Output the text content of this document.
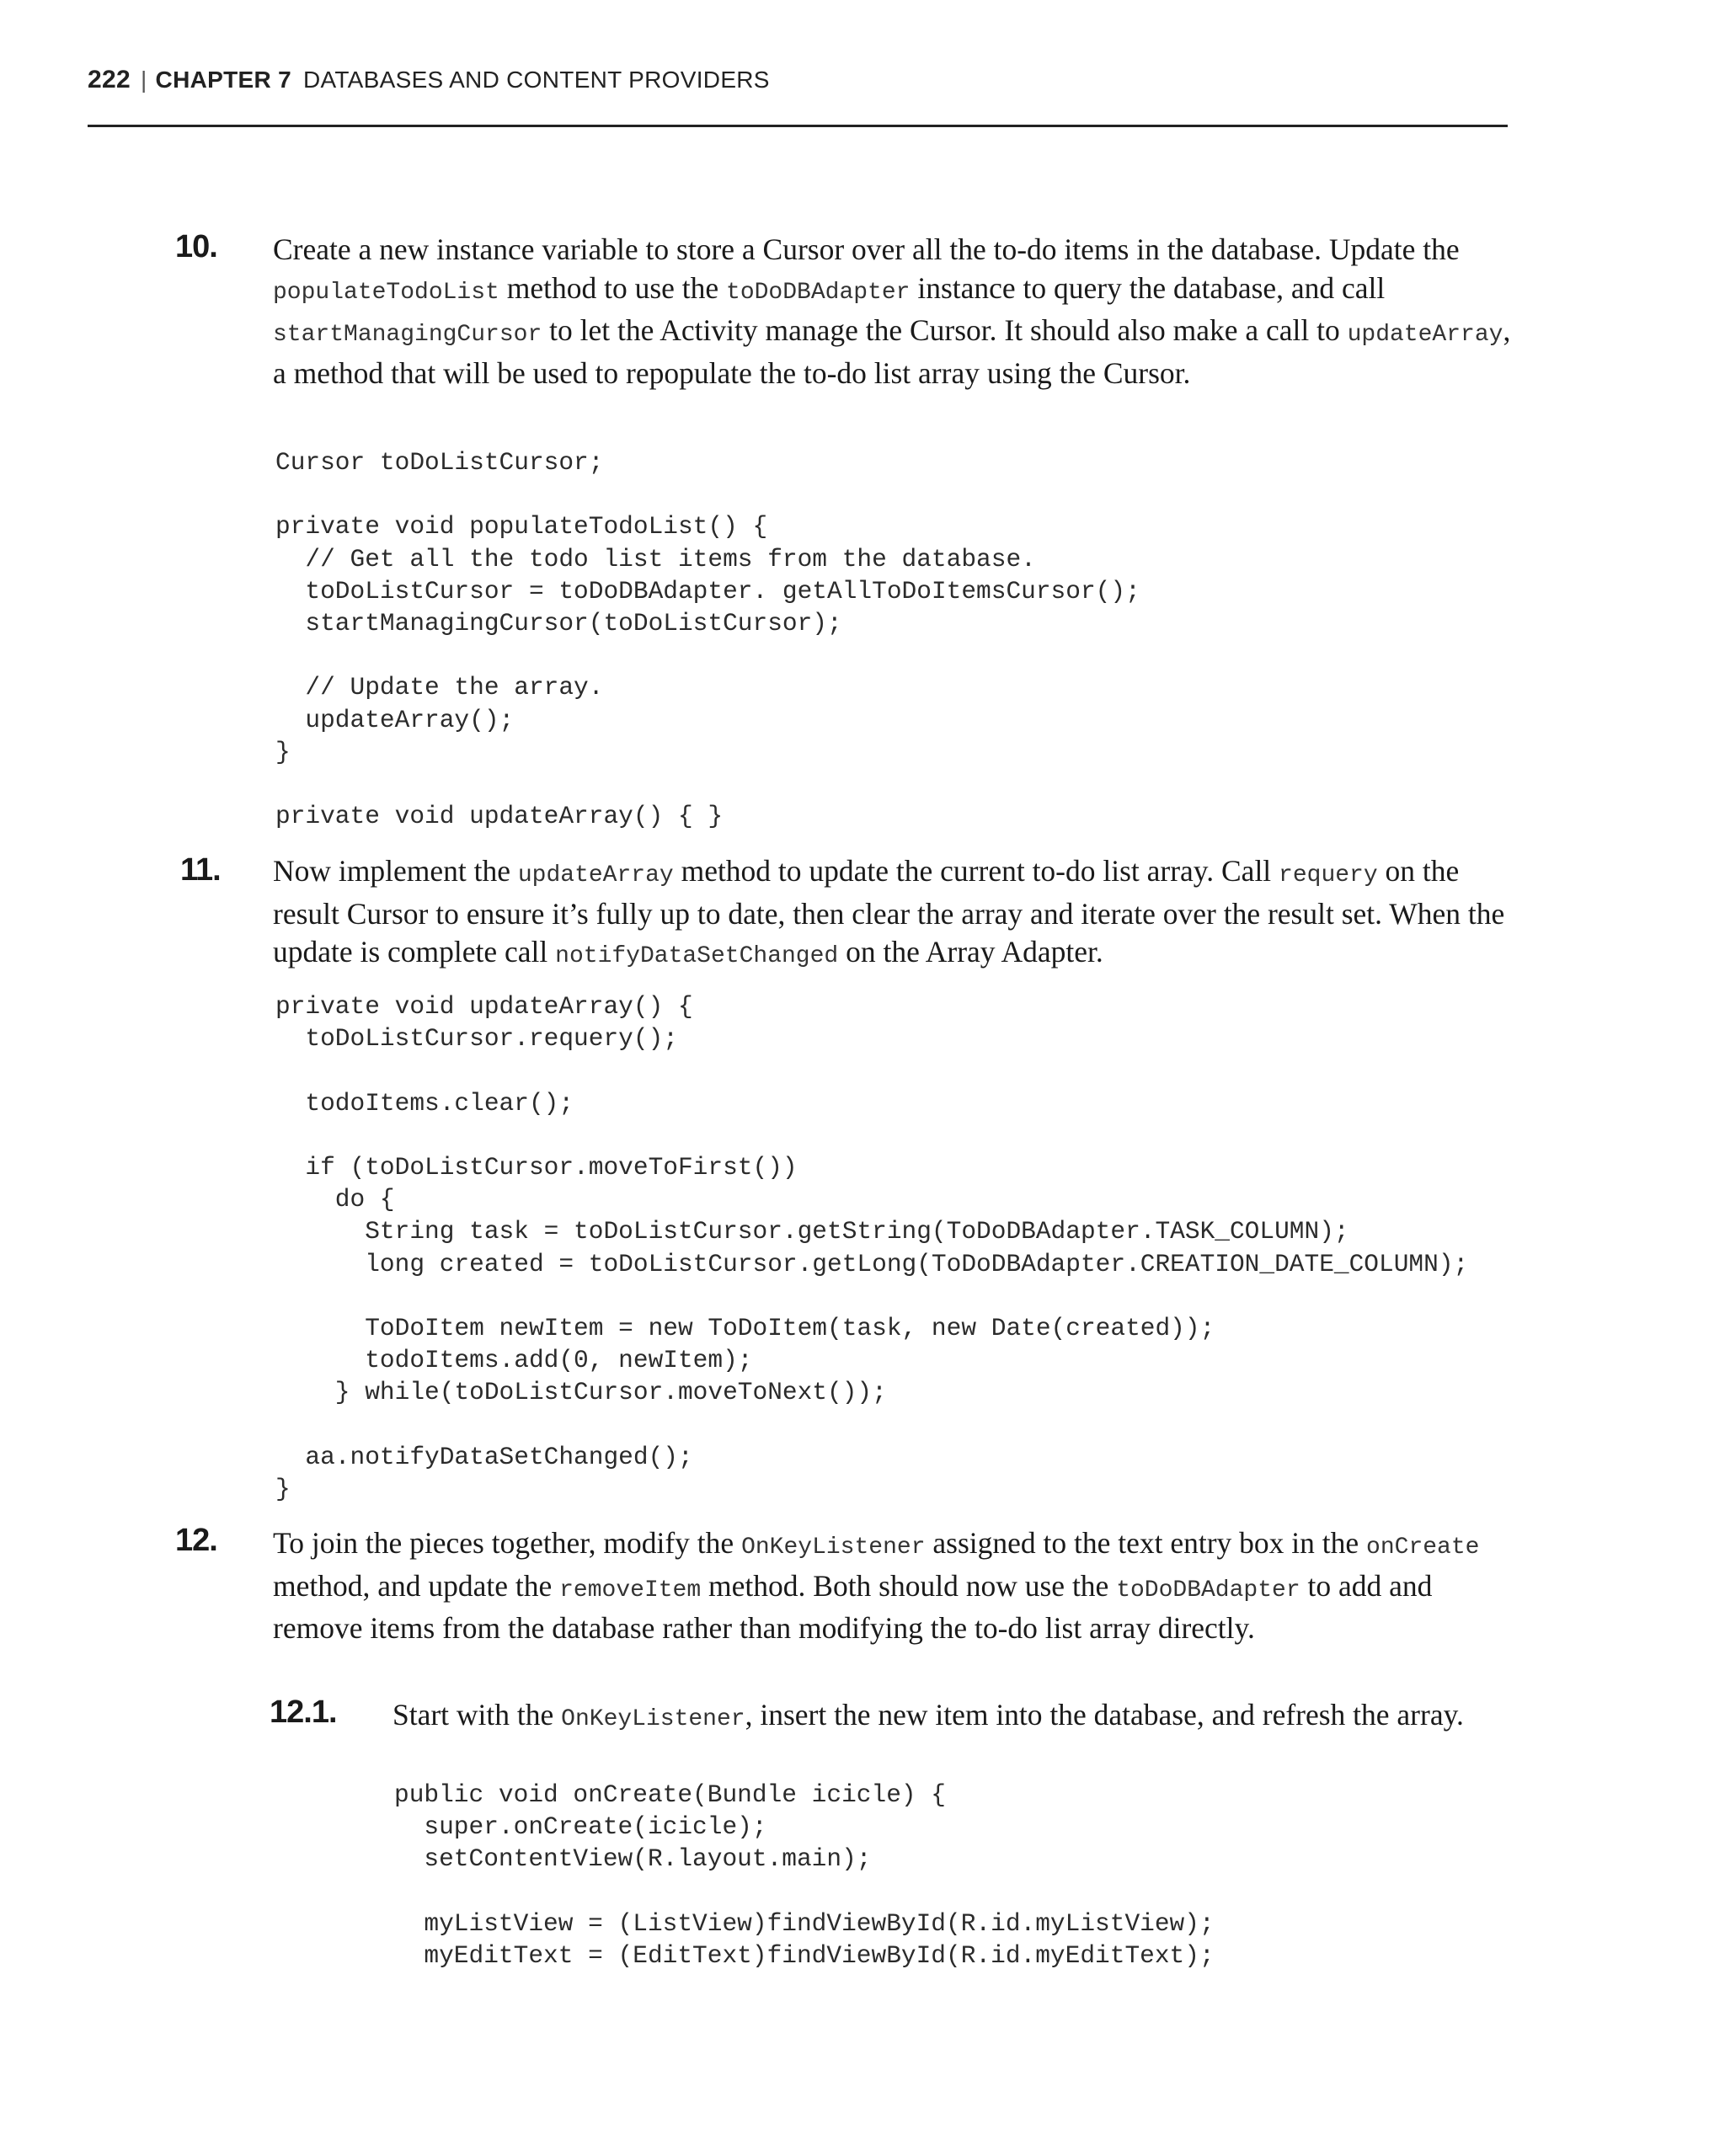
222 | CHAPTER 7 DATABASES AND CONTENT PROVIDERS
10. Create a new instance variable to store a Cursor over all the to-do items in the database. Update the populateTodoList method to use the toDoDBAdapter instance to query the database, and call startManagingCursor to let the Activity manage the Cursor. It should also make a call to updateArray, a method that will be used to repopulate the to-do list array using the Cursor.
Cursor toDoListCursor;

private void populateTodoList() {
// Get all the todo list items from the database.
toDoListCursor = toDoDBAdapter. getAllToDoItemsCursor();
startManagingCursor(toDoListCursor);

// Update the array.
updateArray();
}

private void updateArray() { }
11. Now implement the updateArray method to update the current to-do list array. Call requery on the result Cursor to ensure it’s fully up to date, then clear the array and iterate over the result set. When the update is complete call notifyDataSetChanged on the Array Adapter.
private void updateArray() {
toDoListCursor.requery();

todoItems.clear();

if (toDoListCursor.moveToFirst())
do {
String task = toDoListCursor.getString(ToDoDBAdapter.TASK_COLUMN);
long created = toDoListCursor.getLong(ToDoDBAdapter.CREATION_DATE_COLUMN);

ToDoItem newItem = new ToDoItem(task, new Date(created));
todoItems.add(0, newItem);
} while(toDoListCursor.moveToNext());

aa.notifyDataSetChanged();
}
12. To join the pieces together, modify the OnKeyListener assigned to the text entry box in the onCreate method, and update the removeItem method. Both should now use the toDoDBAdapter to add and remove items from the database rather than modifying the to-do list array directly.
12.1. Start with the OnKeyListener, insert the new item into the database, and refresh the array.
public void onCreate(Bundle icicle) {
super.onCreate(icicle);
setContentView(R.layout.main);

myListView = (ListView)findViewById(R.id.myListView);
myEditText = (EditText)findViewById(R.id.myEditText);
